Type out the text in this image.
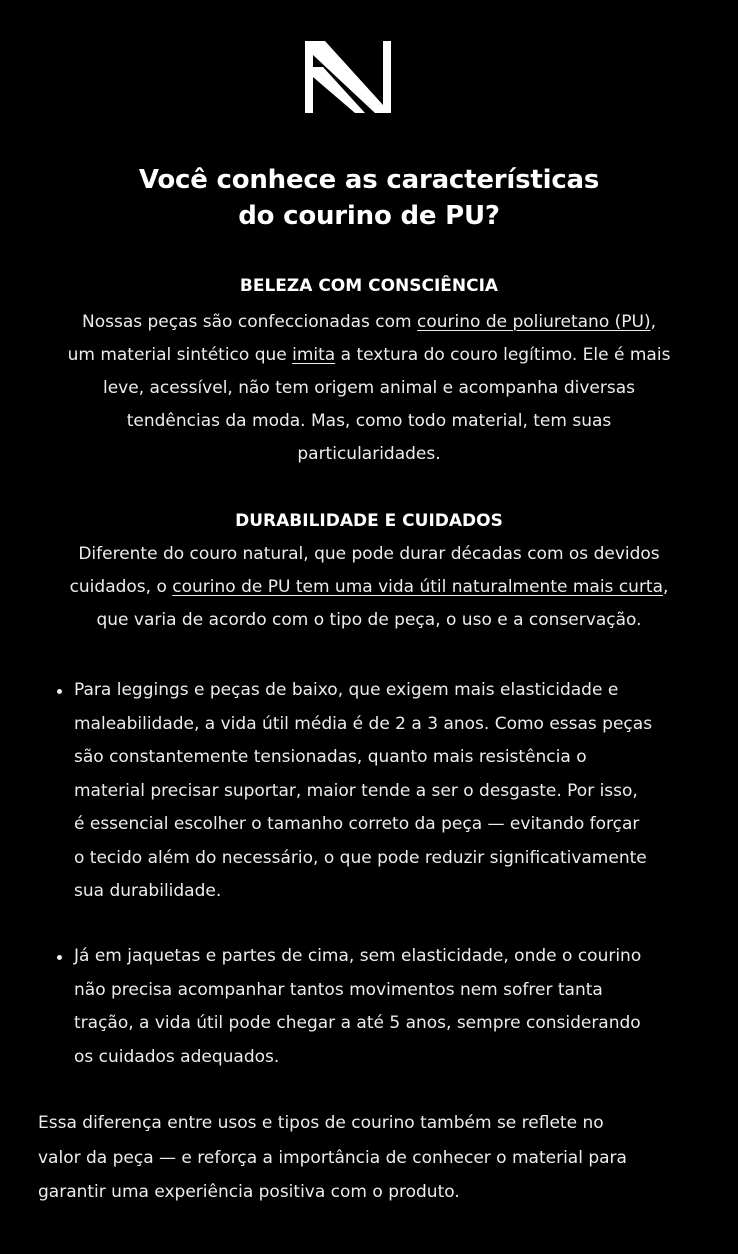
Você conhece as características
do courino de PU?
BELEZA COM CONSCIÊNCIA

Nossas peças são confeccionadas com courino de poliuretano (PU),
um material sintético que imita a textura do couro legítimo. Ele é mais
leve, acessível, não tem origem animal e acompanha diversas
tendências da moda. Mas, como todo material, tem suas
particularidades.

DURABILIDADE E CUIDADOS

Diferente do couro natural, que pode durar décadas com os devidos
cuidados, o courino de PU tem uma vida útil naturalmente mais curta,
que varia de acordo com o tipo de peça, o uso e a conservação.

Para leggings e peças de baixo, que exigem mais elasticidade e
maleabilidade, a vida útil média é de 2 a 3 anos. Como essas peças
são constantemente tensionadas, quanto mais resistência o
material precisar suportar, maior tende a ser o desgaste. Por isso,
é essencial escolher o tamanho correto da peça — evitando forçar
o tecido além do necessário, o que pode reduzir significativamente
sua durabilidade.
Já em jaquetas e partes de cima, sem elasticidade, onde o courino
não precisa acompanhar tantos movimentos nem sofrer tanta
tração, a vida útil pode chegar a até 5 anos, sempre considerando
os cuidados adequados.

Essa diferença entre usos e tipos de courino também se reflete no
valor da peça — e reforça a importância de conhecer o material para
garantir uma experiência positiva com o produto.
